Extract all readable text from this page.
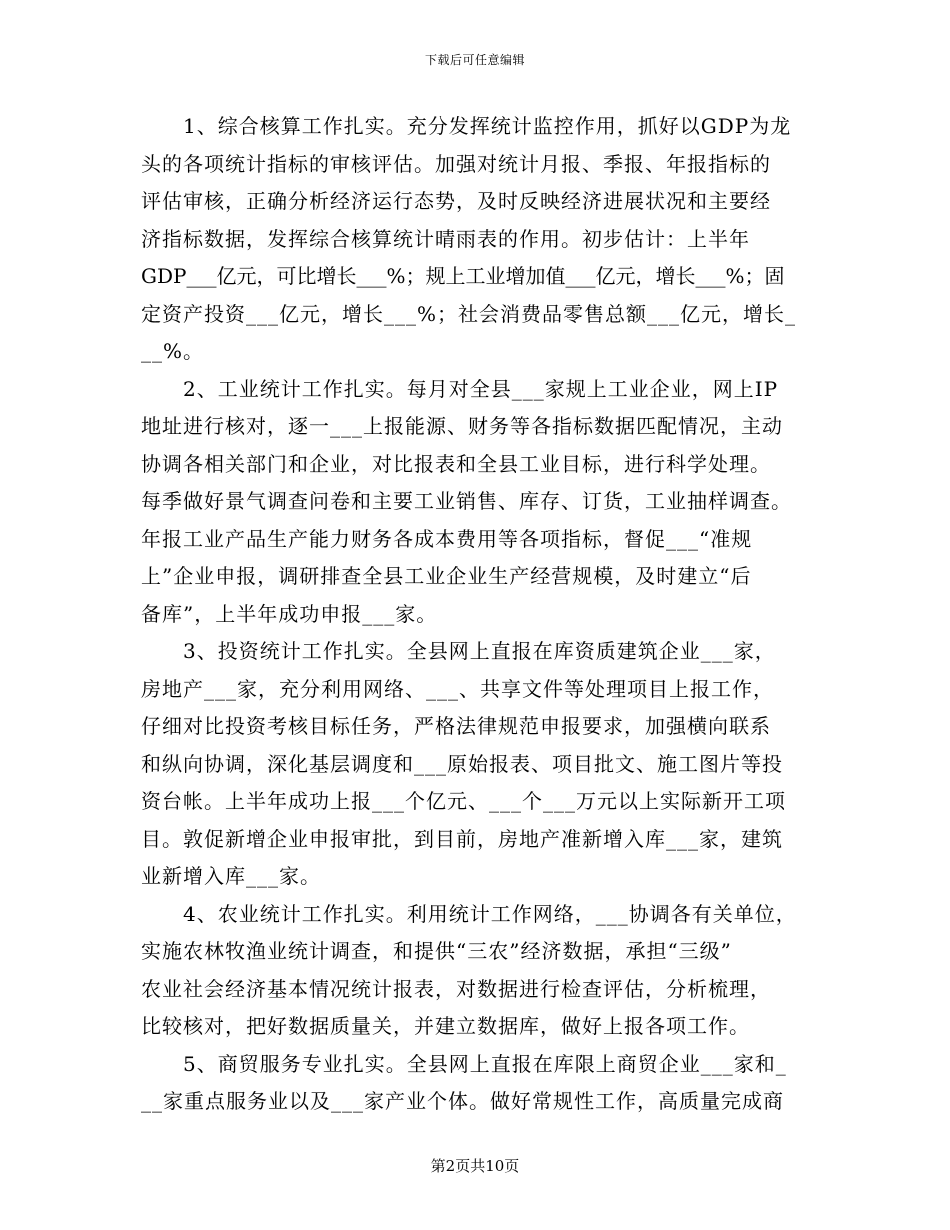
下载后可任意编辑
1、综合核算工作扎实。充分发挥统计监控作用，抓好以GDP为龙
头的各项统计指标的审核评估。加强对统计月报、季报、年报指标的
评估审核，正确分析经济运行态势，及时反映经济进展状况和主要经
济指标数据，发挥综合核算统计晴雨表的作用。初步估计：上半年
GDP___亿元，可比增长___%；规上工业增加值___亿元，增长___%；固
定资产投资___亿元，增长___%；社会消费品零售总额___亿元，增长_
__%。
2、工业统计工作扎实。每月对全县___家规上工业企业，网上IP
地址进行核对，逐一___上报能源、财务等各指标数据匹配情况，主动
协调各相关部门和企业，对比报表和全县工业目标，进行科学处理。
每季做好景气调查问卷和主要工业销售、库存、订货，工业抽样调查。
年报工业产品生产能力财务各成本费用等各项指标，督促___“准规
上”企业申报，调研排查全县工业企业生产经营规模，及时建立“后
备库”，上半年成功申报___家。
3、投资统计工作扎实。全县网上直报在库资质建筑企业___家，
房地产___家，充分利用网络、___、共享文件等处理项目上报工作，
仔细对比投资考核目标任务，严格法律规范申报要求，加强横向联系
和纵向协调，深化基层调度和___原始报表、项目批文、施工图片等投
资台帐。上半年成功上报___个亿元、___个___万元以上实际新开工项
目。敦促新增企业申报审批，到目前，房地产准新增入库___家，建筑
业新增入库___家。
4、农业统计工作扎实。利用统计工作网络，___协调各有关单位，
实施农林牧渔业统计调查，和提供“三农”经济数据，承担“三级”
农业社会经济基本情况统计报表，对数据进行检查评估，分析梳理，
比较核对，把好数据质量关，并建立数据库，做好上报各项工作。
5、商贸服务专业扎实。全县网上直报在库限上商贸企业___家和_
__家重点服务业以及___家产业个体。做好常规性工作，高质量完成商
第2页共10页
